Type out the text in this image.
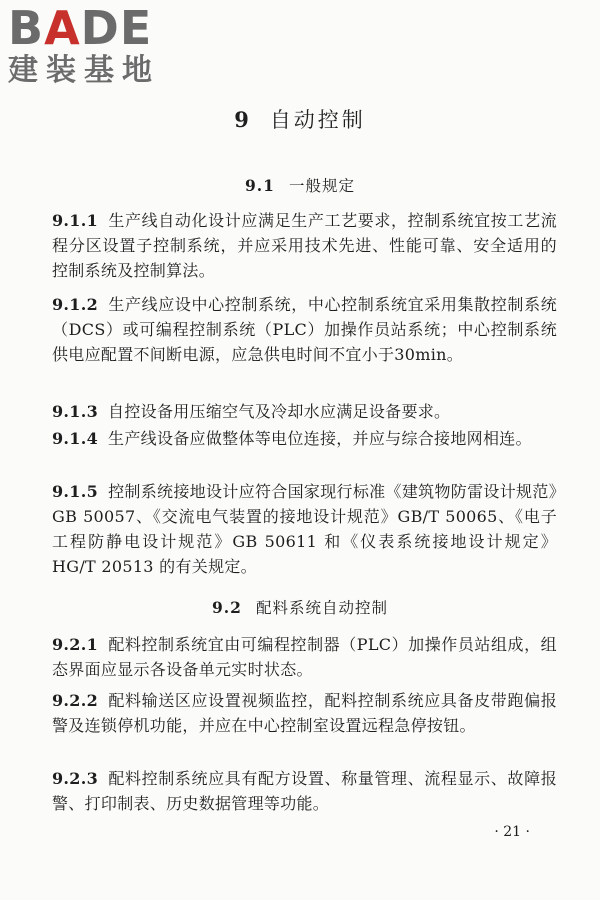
BADE
建装基地
9 自动控制

9.1 一般规定

9.1.1 生产线自动化设计应满足生产工艺要求，控制系统宜按工艺流程分区设置子控制系统，并应采用技术先进、性能可靠、安全适用的控制系统及控制算法。

9.1.2 生产线应设中心控制系统，中心控制系统宜采用集散控制系统（DCS）或可编程控制系统（PLC）加操作员站系统；中心控制系统供电应配置不间断电源，应急供电时间不宜小于30min。

9.1.3 自控设备用压缩空气及冷却水应满足设备要求。

9.1.4 生产线设备应做整体等电位连接，并应与综合接地网相连。

9.1.5 控制系统接地设计应符合国家现行标准《建筑物防雷设计规范》GB 50057、《交流电气装置的接地设计规范》GB/T 50065、《电子工程防静电设计规范》GB 50611 和《仪表系统接地设计规定》HG/T 20513 的有关规定。

9.2 配料系统自动控制

9.2.1 配料控制系统宜由可编程控制器（PLC）加操作员站组成，组态界面应显示各设备单元实时状态。

9.2.2 配料输送区应设置视频监控，配料控制系统应具备皮带跑偏报警及连锁停机功能，并应在中心控制室设置远程急停按钮。

9.2.3 配料控制系统应具有配方设置、称量管理、流程显示、故障报警、打印制表、历史数据管理等功能。

· 21 ·
